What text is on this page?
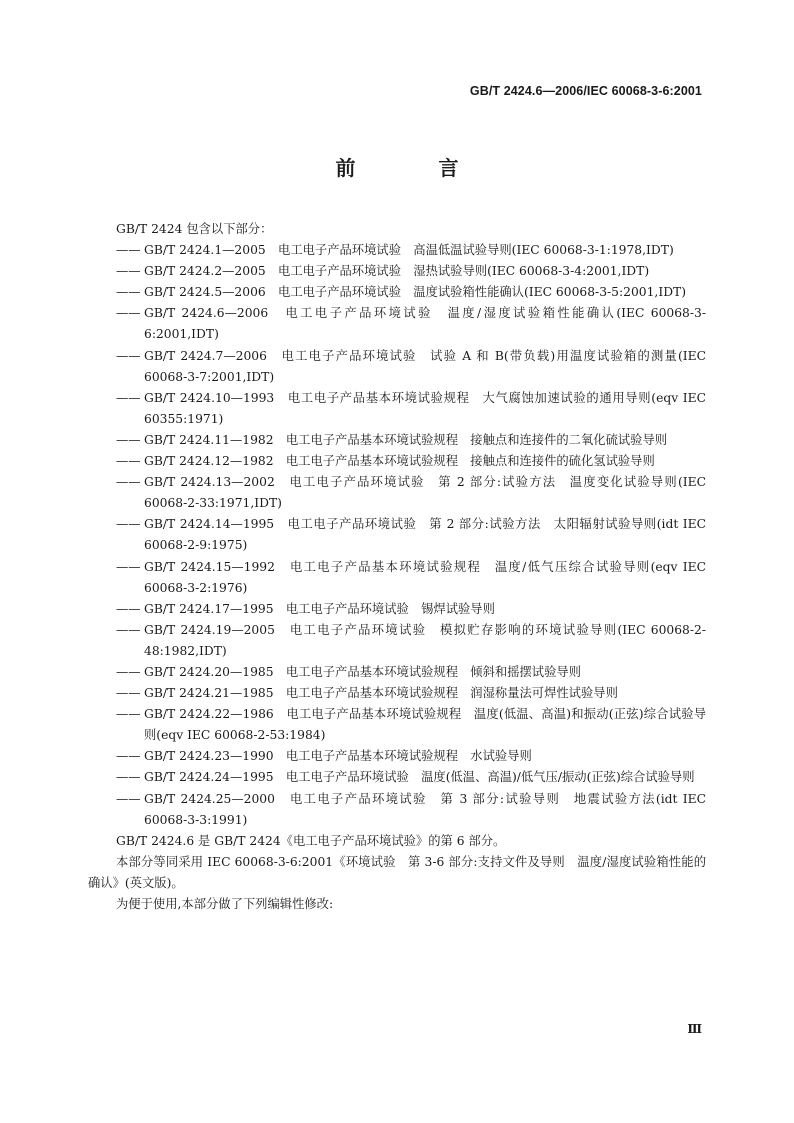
GB/T 2424.6—2006/IEC 60068-3-6:2001
前 言
GB/T 2424 包含以下部分：
—— GB/T 2424.1—2005　电工电子产品环境试验　高温低温试验导则(IEC 60068-3-1:1978,IDT)
—— GB/T 2424.2—2005　电工电子产品环境试验　湿热试验导则(IEC 60068-3-4:2001,IDT)
—— GB/T 2424.5—2006　电工电子产品环境试验　温度试验箱性能确认(IEC 60068-3-5:2001,IDT)
—— GB/T 2424.6—2006　电工电子产品环境试验　温度/湿度试验箱性能确认(IEC 60068-3-6:2001,IDT)
—— GB/T 2424.7—2006　电工电子产品环境试验　试验 A 和 B(带负载)用温度试验箱的测量(IEC 60068-3-7:2001,IDT)
—— GB/T 2424.10—1993　电工电子产品基本环境试验规程　大气腐蚀加速试验的通用导则(eqv IEC 60355:1971)
—— GB/T 2424.11—1982　电工电子产品基本环境试验规程　接触点和连接件的二氧化硫试验导则
—— GB/T 2424.12—1982　电工电子产品基本环境试验规程　接触点和连接件的硫化氢试验导则
—— GB/T 2424.13—2002　电工电子产品环境试验　第 2 部分:试验方法　温度变化试验导则(IEC 60068-2-33:1971,IDT)
—— GB/T 2424.14—1995　电工电子产品环境试验　第 2 部分:试验方法　太阳辐射试验导则(idt IEC 60068-2-9:1975)
—— GB/T 2424.15—1992　电工电子产品基本环境试验规程　温度/低气压综合试验导则(eqv IEC 60068-3-2:1976)
—— GB/T 2424.17—1995　电工电子产品环境试验　锡焊试验导则
—— GB/T 2424.19—2005　电工电子产品环境试验　模拟贮存影响的环境试验导则(IEC 60068-2-48:1982,IDT)
—— GB/T 2424.20—1985　电工电子产品基本环境试验规程　倾斜和摇摆试验导则
—— GB/T 2424.21—1985　电工电子产品基本环境试验规程　润湿称量法可焊性试验导则
—— GB/T 2424.22—1986　电工电子产品基本环境试验规程　温度(低温、高温)和振动(正弦)综合试验导则(eqv IEC 60068-2-53:1984)
—— GB/T 2424.23—1990　电工电子产品基本环境试验规程　水试验导则
—— GB/T 2424.24—1995　电工电子产品环境试验　温度(低温、高温)/低气压/振动(正弦)综合试验导则
—— GB/T 2424.25—2000　电工电子产品环境试验　第 3 部分:试验导则　地震试验方法(idt IEC 60068-3-3:1991)
GB/T 2424.6 是 GB/T 2424《电工电子产品环境试验》的第 6 部分。
本部分等同采用 IEC 60068-3-6:2001《环境试验　第 3-6 部分:支持文件及导则　温度/湿度试验箱性能的确认》(英文版)。
为便于使用,本部分做了下列编辑性修改:
Ⅲ
